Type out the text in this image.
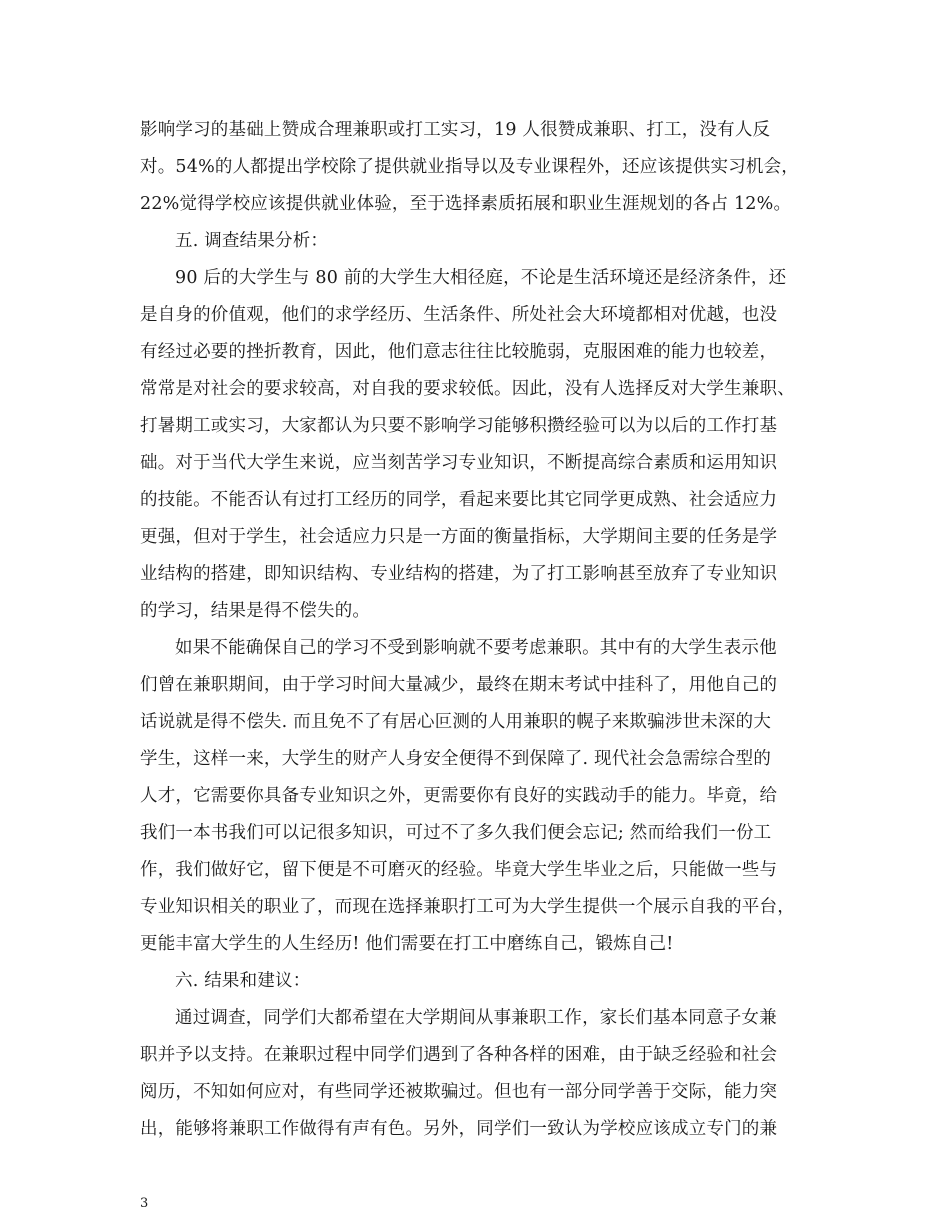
影响学习的基础上赞成合理兼职或打工实习，19 人很赞成兼职、打工，没有人反
对。54%的人都提出学校除了提供就业指导以及专业课程外，还应该提供实习机会，
22%觉得学校应该提供就业体验，至于选择素质拓展和职业生涯规划的各占 12%。
五. 调查结果分析：
90 后的大学生与 80 前的大学生大相径庭，不论是生活环境还是经济条件，还
是自身的价值观，他们的求学经历、生活条件、所处社会大环境都相对优越，也没
有经过必要的挫折教育，因此，他们意志往往比较脆弱，克服困难的能力也较差，
常常是对社会的要求较高，对自我的要求较低。因此，没有人选择反对大学生兼职、
打暑期工或实习，大家都认为只要不影响学习能够积攒经验可以为以后的工作打基
础。对于当代大学生来说，应当刻苦学习专业知识，不断提高综合素质和运用知识
的技能。不能否认有过打工经历的同学，看起来要比其它同学更成熟、社会适应力
更强，但对于学生，社会适应力只是一方面的衡量指标，大学期间主要的任务是学
业结构的搭建，即知识结构、专业结构的搭建，为了打工影响甚至放弃了专业知识
的学习，结果是得不偿失的。
如果不能确保自己的学习不受到影响就不要考虑兼职。其中有的大学生表示他
们曾在兼职期间，由于学习时间大量减少，最终在期末考试中挂科了，用他自己的
话说就是得不偿失. 而且免不了有居心叵测的人用兼职的幌子来欺骗涉世未深的大
学生，这样一来，大学生的财产人身安全便得不到保障了. 现代社会急需综合型的
人才，它需要你具备专业知识之外，更需要你有良好的实践动手的能力。毕竟，给
我们一本书我们可以记很多知识，可过不了多久我们便会忘记; 然而给我们一份工
作，我们做好它，留下便是不可磨灭的经验。毕竟大学生毕业之后，只能做一些与
专业知识相关的职业了，而现在选择兼职打工可为大学生提供一个展示自我的平台，
更能丰富大学生的人生经历! 他们需要在打工中磨练自己，锻炼自己!
六. 结果和建议：
通过调查，同学们大都希望在大学期间从事兼职工作，家长们基本同意子女兼
职并予以支持。在兼职过程中同学们遇到了各种各样的困难，由于缺乏经验和社会
阅历，不知如何应对，有些同学还被欺骗过。但也有一部分同学善于交际，能力突
出，能够将兼职工作做得有声有色。另外，同学们一致认为学校应该成立专门的兼
3
